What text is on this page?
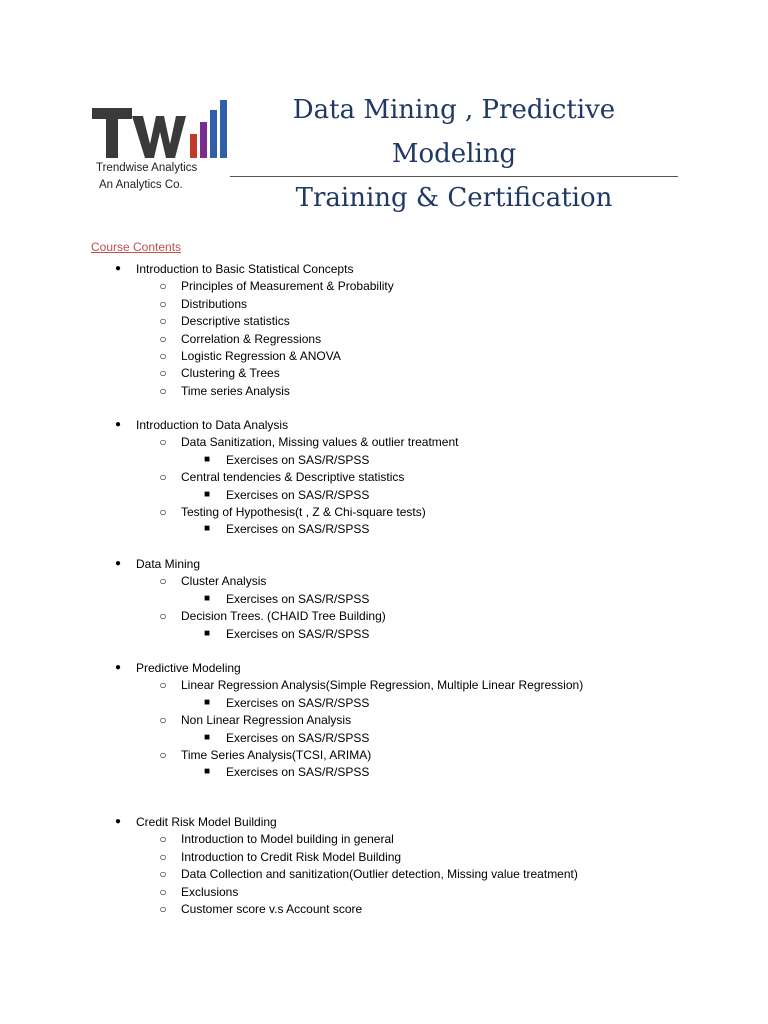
Trendwise Analytics
An Analytics Co.
Data Mining , Predictive Modeling
Training & Certification
Course Contents
●	Introduction to Basic Statistical Concepts
○ Principles of Measurement & Probability
○ Distributions
○ Descriptive statistics
○ Correlation & Regressions
○ Logistic Regression & ANOVA
○ Clustering & Trees
○ Time series Analysis
●	Introduction to Data Analysis
○ Data Sanitization, Missing values & outlier treatment
■	Exercises on SAS/R/SPSS
○ Central tendencies & Descriptive statistics
■	Exercises on SAS/R/SPSS
○ Testing of Hypothesis(t , Z & Chi-square tests)
■	Exercises on SAS/R/SPSS
●	Data Mining
○ Cluster Analysis
■	Exercises on SAS/R/SPSS
○ Decision Trees. (CHAID Tree Building)
■	Exercises on SAS/R/SPSS
●	Predictive Modeling
○ Linear Regression Analysis(Simple Regression, Multiple Linear Regression)
■	Exercises on SAS/R/SPSS
○ Non Linear Regression Analysis
■	Exercises on SAS/R/SPSS
○ Time Series Analysis(TCSI, ARIMA)
■	Exercises on SAS/R/SPSS
●	Credit Risk Model Building
○ Introduction to Model building in general
○ Introduction to Credit Risk Model Building
○ Data Collection and sanitization(Outlier detection, Missing value treatment)
○ Exclusions
○ Customer score v.s Account score
